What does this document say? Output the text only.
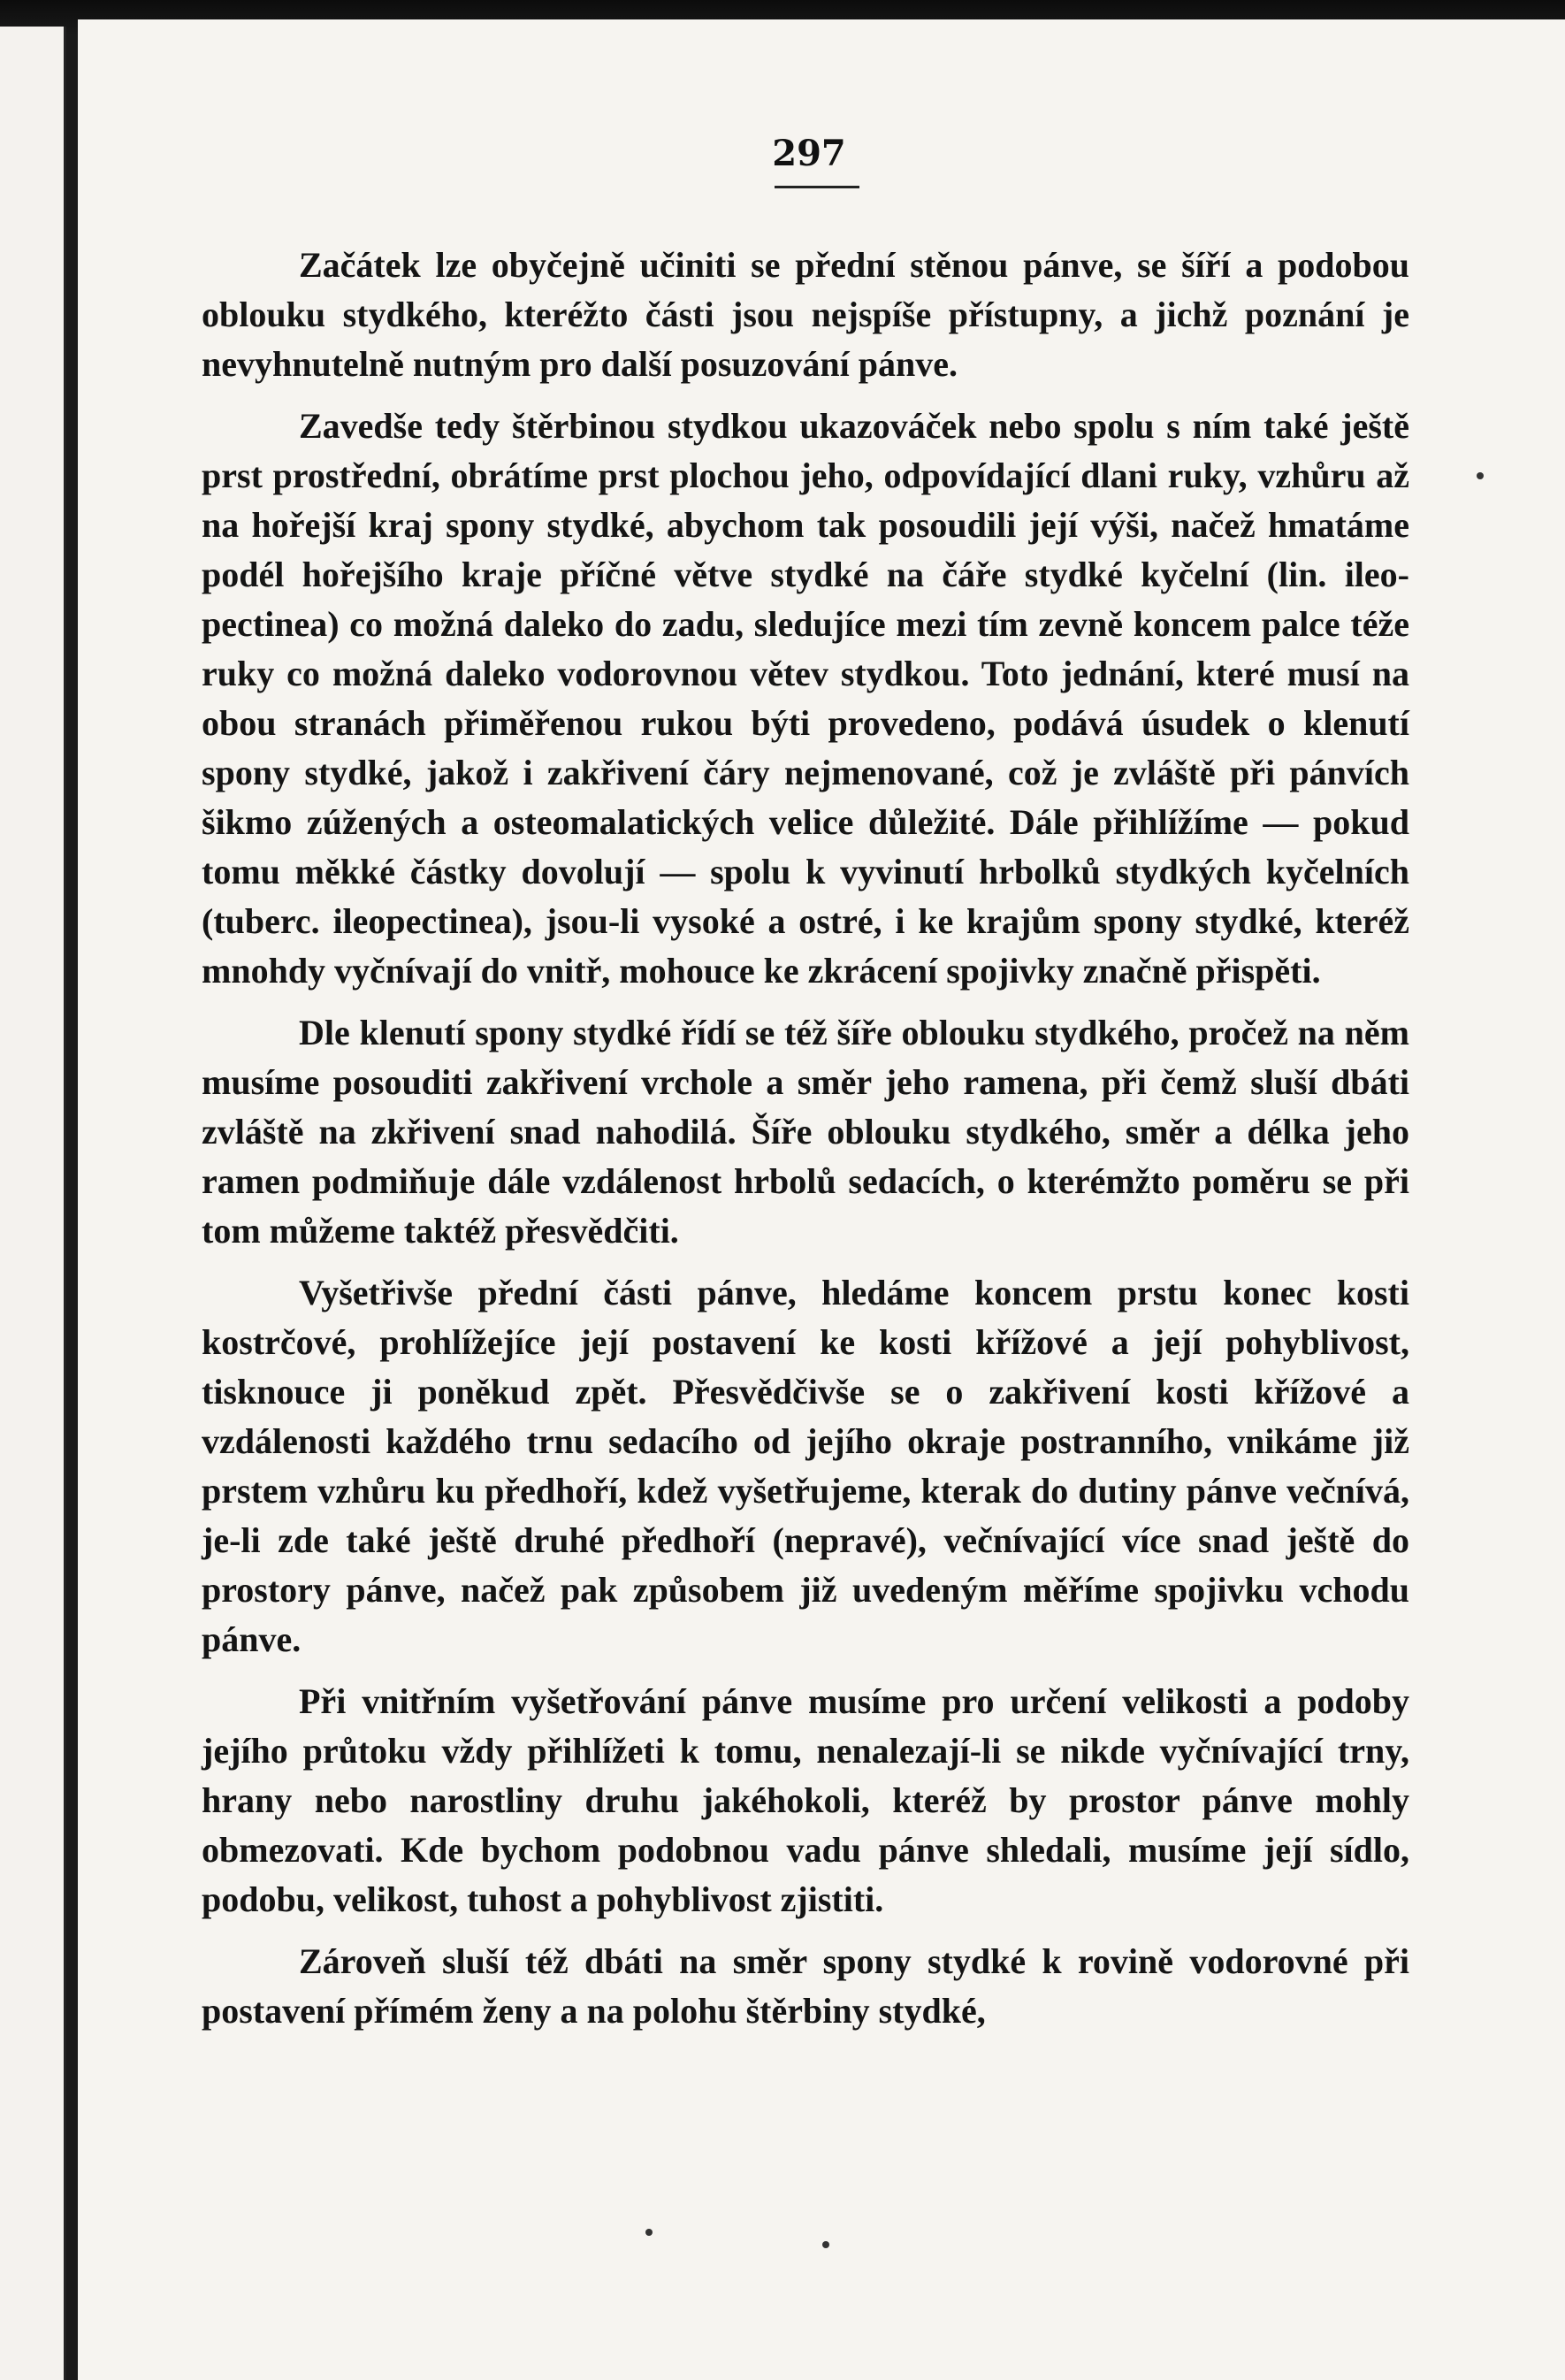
297

Začátek lze obyčejně učiniti se přední stěnou pánve, se šíří a podobou oblouku stydkého, kteréžto části jsou nejspíše přístupny, a jichž poznání je nevyhnutelně nutným pro další posuzování pánve.

Zavedše tedy štěrbinou stydkou ukazováček nebo spolu s ním také ještě prst prostřední, obrátíme prst plochou jeho, odpovídající dlani ruky, vzhůru až na hořejší kraj spony stydké, abychom tak posoudili její výši, načež hmatáme podél hořejšího kraje příčné větve stydké na čáře stydké kyčelní (lin. ileo-pectinea) co možná daleko do zadu, sledujíce mezi tím zevně koncem palce téže ruky co možná daleko vodorovnou větev stydkou. Toto jednání, které musí na obou stranách přiměřenou rukou býti provedeno, podává úsudek o klenutí spony stydké, jakož i zakřivení čáry nejmenované, což je zvláště při pánvích šikmo zúžených a osteomalatických velice důležité. Dále přihlížíme — pokud tomu měkké částky dovolují — spolu k vyvinutí hrbolků stydkých kyčelních (tuberc. ileopectinea), jsou-li vysoké a ostré, i ke krajům spony stydké, kteréž mnohdy vyčnívají do vnitř, mohouce ke zkrácení spojivky značně přispěti.

Dle klenutí spony stydké řídí se též šíře oblouku stydkého, pročež na něm musíme posouditi zakřivení vrchole a směr jeho ramena, při čemž sluší dbáti zvláště na zkřivení snad nahodilá. Šíře oblouku stydkého, směr a délka jeho ramen podmiňuje dále vzdálenost hrbolů sedacích, o kterémžto poměru se při tom můžeme taktéž přesvědčiti.

Vyšetřivše přední části pánve, hledáme koncem prstu konec kosti kostrčové, prohlížejíce její postavení ke kosti křížové a její pohyblivost, tisknouce ji poněkud zpět. Přesvědčivše se o zakřivení kosti křížové a vzdálenosti každého trnu sedacího od jejího okraje postranního, vnikáme již prstem vzhůru ku předhoří, kdež vyšetřujeme, kterak do dutiny pánve večnívá, je-li zde také ještě druhé předhoří (nepravé), večnívající více snad ještě do prostory pánve, načež pak způsobem již uvedeným měříme spojivku vchodu pánve.

Při vnitřním vyšetřování pánve musíme pro určení velikosti a podoby jejího průtoku vždy přihlížeti k tomu, nenalezají-li se nikde vyčnívající trny, hrany nebo narostliny druhu jakéhokoli, kteréž by prostor pánve mohly obmezovati. Kde bychom podobnou vadu pánve shledali, musíme její sídlo, podobu, velikost, tuhost a pohyblivost zjistiti.

Zároveň sluší též dbáti na směr spony stydké k rovině vodorovné při postavení přímém ženy a na polohu štěrbiny stydké,
